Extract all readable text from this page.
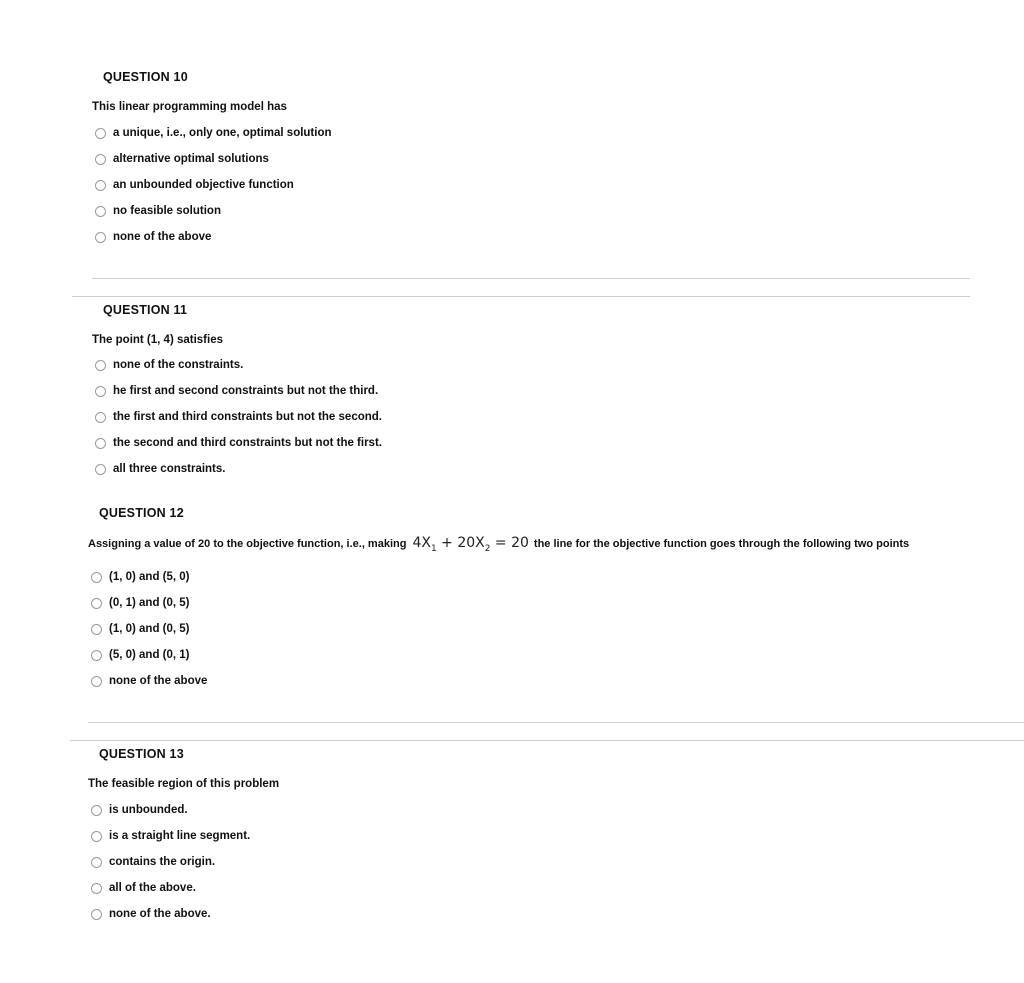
QUESTION 10
This linear programming model has
a unique, i.e., only one, optimal solution
alternative optimal solutions
an unbounded objective function
no feasible solution
none of the above
QUESTION 11
The point (1, 4) satisfies
none of the constraints.
he first and second constraints but not the third.
the first and third constraints but not the second.
the second and third constraints but not the first.
all three constraints.
QUESTION 12
Assigning a value of 20 to the objective function, i.e., making $4X_1 + 20X_2 = 20$ the line for the objective function goes through the following two points
(1, 0) and (5, 0)
(0, 1) and (0, 5)
(1, 0) and (0, 5)
(5, 0) and (0, 1)
none of the above
QUESTION 13
The feasible region of this problem
is unbounded.
is a straight line segment.
contains the origin.
all of the above.
none of the above.
